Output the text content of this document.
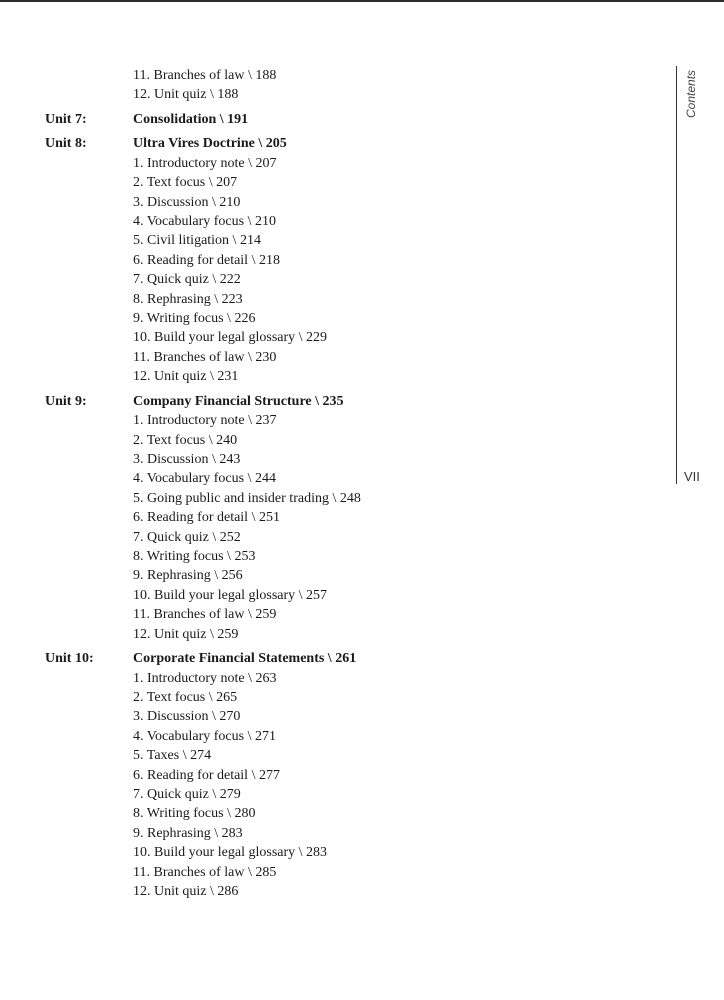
Contents
VII
11. Branches of law \ 188
12. Unit quiz \ 188
Unit 7:	Consolidation \ 191
Unit 8:	Ultra Vires Doctrine \ 205
1. Introductory note \ 207
2. Text focus \ 207
3. Discussion \ 210
4. Vocabulary focus \ 210
5. Civil litigation \ 214
6. Reading for detail \ 218
7. Quick quiz \ 222
8. Rephrasing \ 223
9. Writing focus \ 226
10. Build your legal glossary \ 229
11. Branches of law \ 230
12. Unit quiz \ 231
Unit 9:	Company Financial Structure \ 235
1. Introductory note \ 237
2. Text focus \ 240
3. Discussion \ 243
4. Vocabulary focus \ 244
5. Going public and insider trading \ 248
6. Reading for detail \ 251
7. Quick quiz \ 252
8. Writing focus \ 253
9. Rephrasing \ 256
10. Build your legal glossary \ 257
11. Branches of law \ 259
12. Unit quiz \ 259
Unit 10:	Corporate Financial Statements \ 261
1. Introductory note \ 263
2. Text focus \ 265
3. Discussion \ 270
4. Vocabulary focus \ 271
5. Taxes \ 274
6. Reading for detail \ 277
7. Quick quiz \ 279
8. Writing focus \ 280
9. Rephrasing \ 283
10. Build your legal glossary \ 283
11. Branches of law \ 285
12. Unit quiz \ 286
